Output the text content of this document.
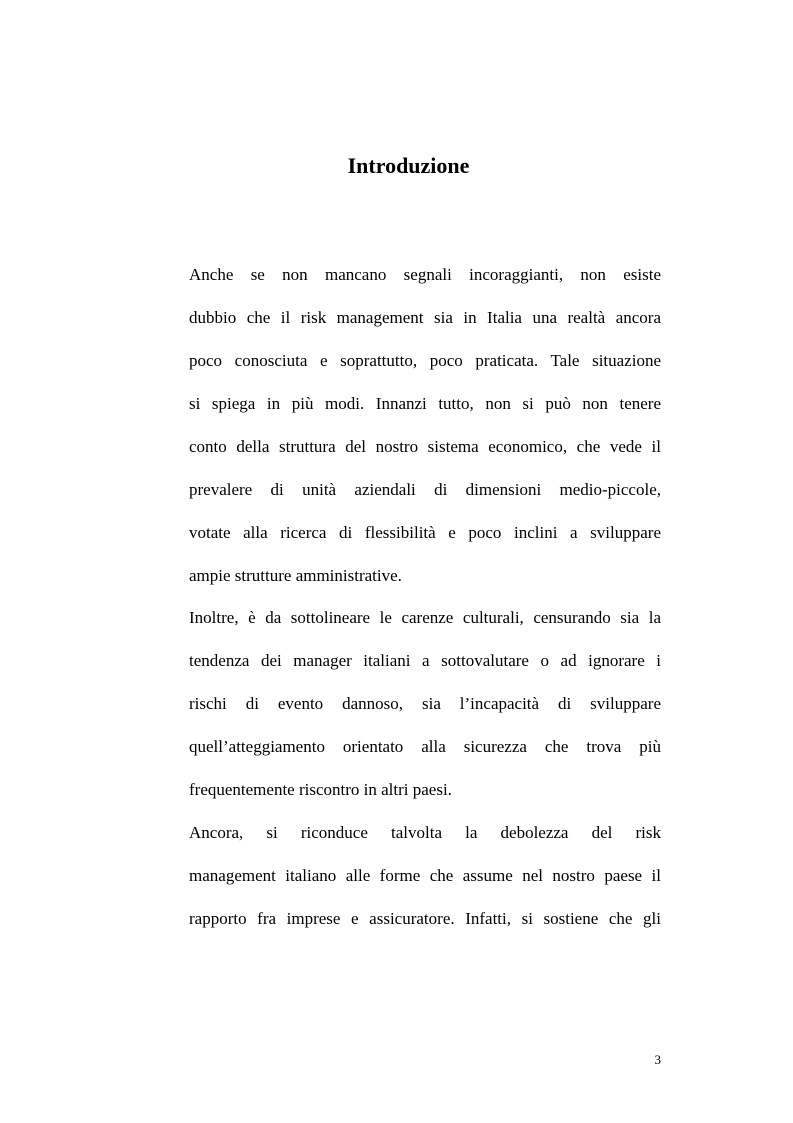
Introduzione
Anche se non mancano segnali incoraggianti, non esiste
dubbio che il risk management sia in Italia una realtà ancora
poco conosciuta e soprattutto, poco praticata. Tale situazione
si spiega in più modi. Innanzi tutto, non si può non tenere
conto della struttura del nostro sistema economico, che vede il
prevalere di unità aziendali di dimensioni medio-piccole,
votate alla ricerca di flessibilità e poco inclini a sviluppare
ampie strutture amministrative.
Inoltre, è da sottolineare le carenze culturali, censurando sia la
tendenza dei manager italiani a sottovalutare o ad ignorare i
rischi di evento dannoso, sia l’incapacità di sviluppare
quell’atteggiamento orientato alla sicurezza che trova più
frequentemente riscontro in altri paesi.
Ancora, si riconduce talvolta la debolezza del risk
management italiano alle forme che assume nel nostro paese il
rapporto fra imprese e assicuratore. Infatti, si sostiene che gli
3
